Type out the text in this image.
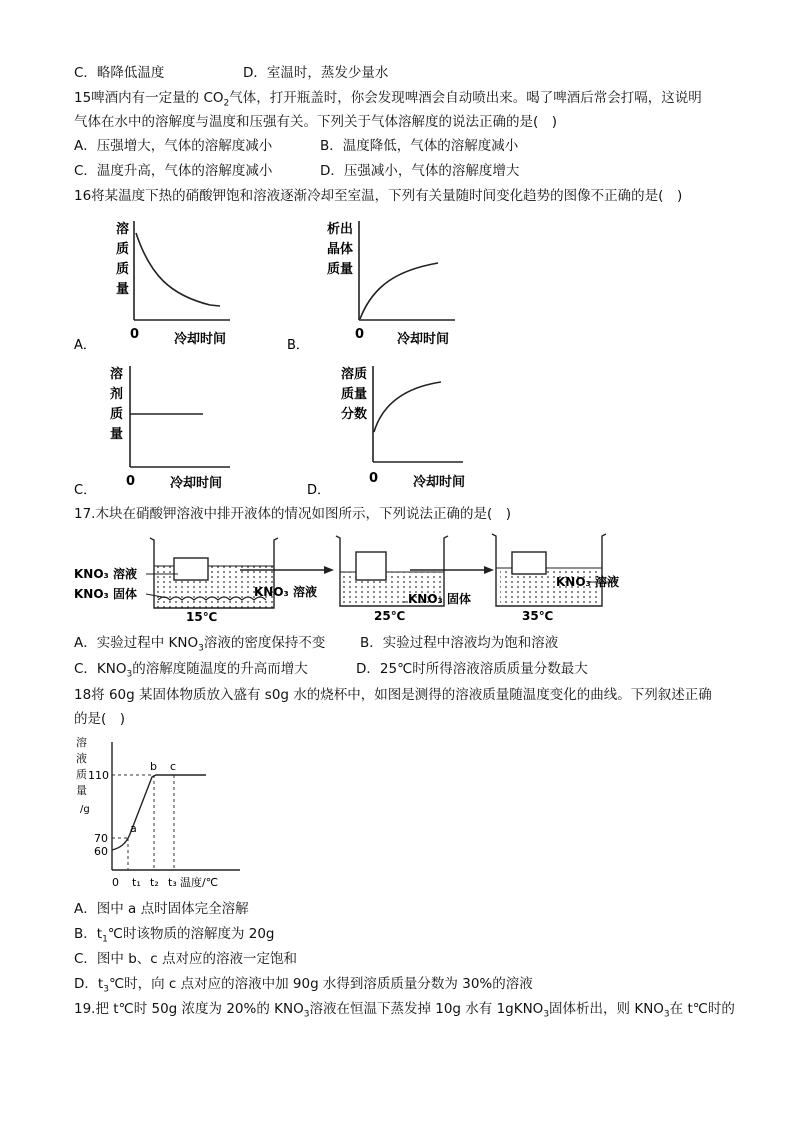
C．略降低温度	D．室温时，蒸发少量水
15啤酒内有一定量的 $CO_2$气体，打开瓶盖时，你会发现啤酒会自动喷出来。喝了啤酒后常会打嗝，这说明
气体在水中的溶解度与温度和压强有关。下列关于气体溶解度的说法正确的是(　)
A．压强增大，气体的溶解度减小	B．温度降低，气体的溶解度减小
C．温度升高，气体的溶解度减小	D．压强减小，气体的溶解度增大
16将某温度下热的硝酸钾饱和溶液逐渐冷却至室温，下列有关量随时间变化趋势的图像不正确的是(　)
溶
质
质
量
0	冷却时间
A．
析出
晶体
质量
0	冷却时间
B．
溶
剂
质
量
0	冷却时间
C．
溶质
质量
分数
0	冷却时间
D．
17.木块在硝酸钾溶液中排开液体的情况如图所示，下列说法正确的是(　)
KNO₃ 溶液
KNO₃ 固体
15℃
KNO₃ 溶液
25℃
KNO₃ 固体
35℃
KNO₃ 溶液
A．实验过程中 $KNO_3$溶液的密度保持不变	B．实验过程中溶液均为饱和溶液
C．$KNO_3$的溶解度随温度的升高而增大	D．25℃时所得溶液溶质质量分数最大
18将 60g 某固体物质放入盛有 s0g 水的烧杯中，如图是测得的溶液质量随温度变化的曲线。下列叙述正确
的是(　)
溶
液
质
量
/g
110
70
60
a
b c
0 t₁ t₂ t₃ 温度/℃
A．图中 a 点时固体完全溶解
B．$t_1℃$时该物质的溶解度为 20g
C．图中 b、c 点对应的溶液一定饱和
D．$t_3℃$时，向 c 点对应的溶液中加 90g 水得到溶质质量分数为 30%的溶液
19.把 t℃时 50g 浓度为 20%的 $KNO_3$溶液在恒温下蒸发掉 10g 水有 1gKNO$_3$固体析出，则 $KNO_3$在 t℃时的
